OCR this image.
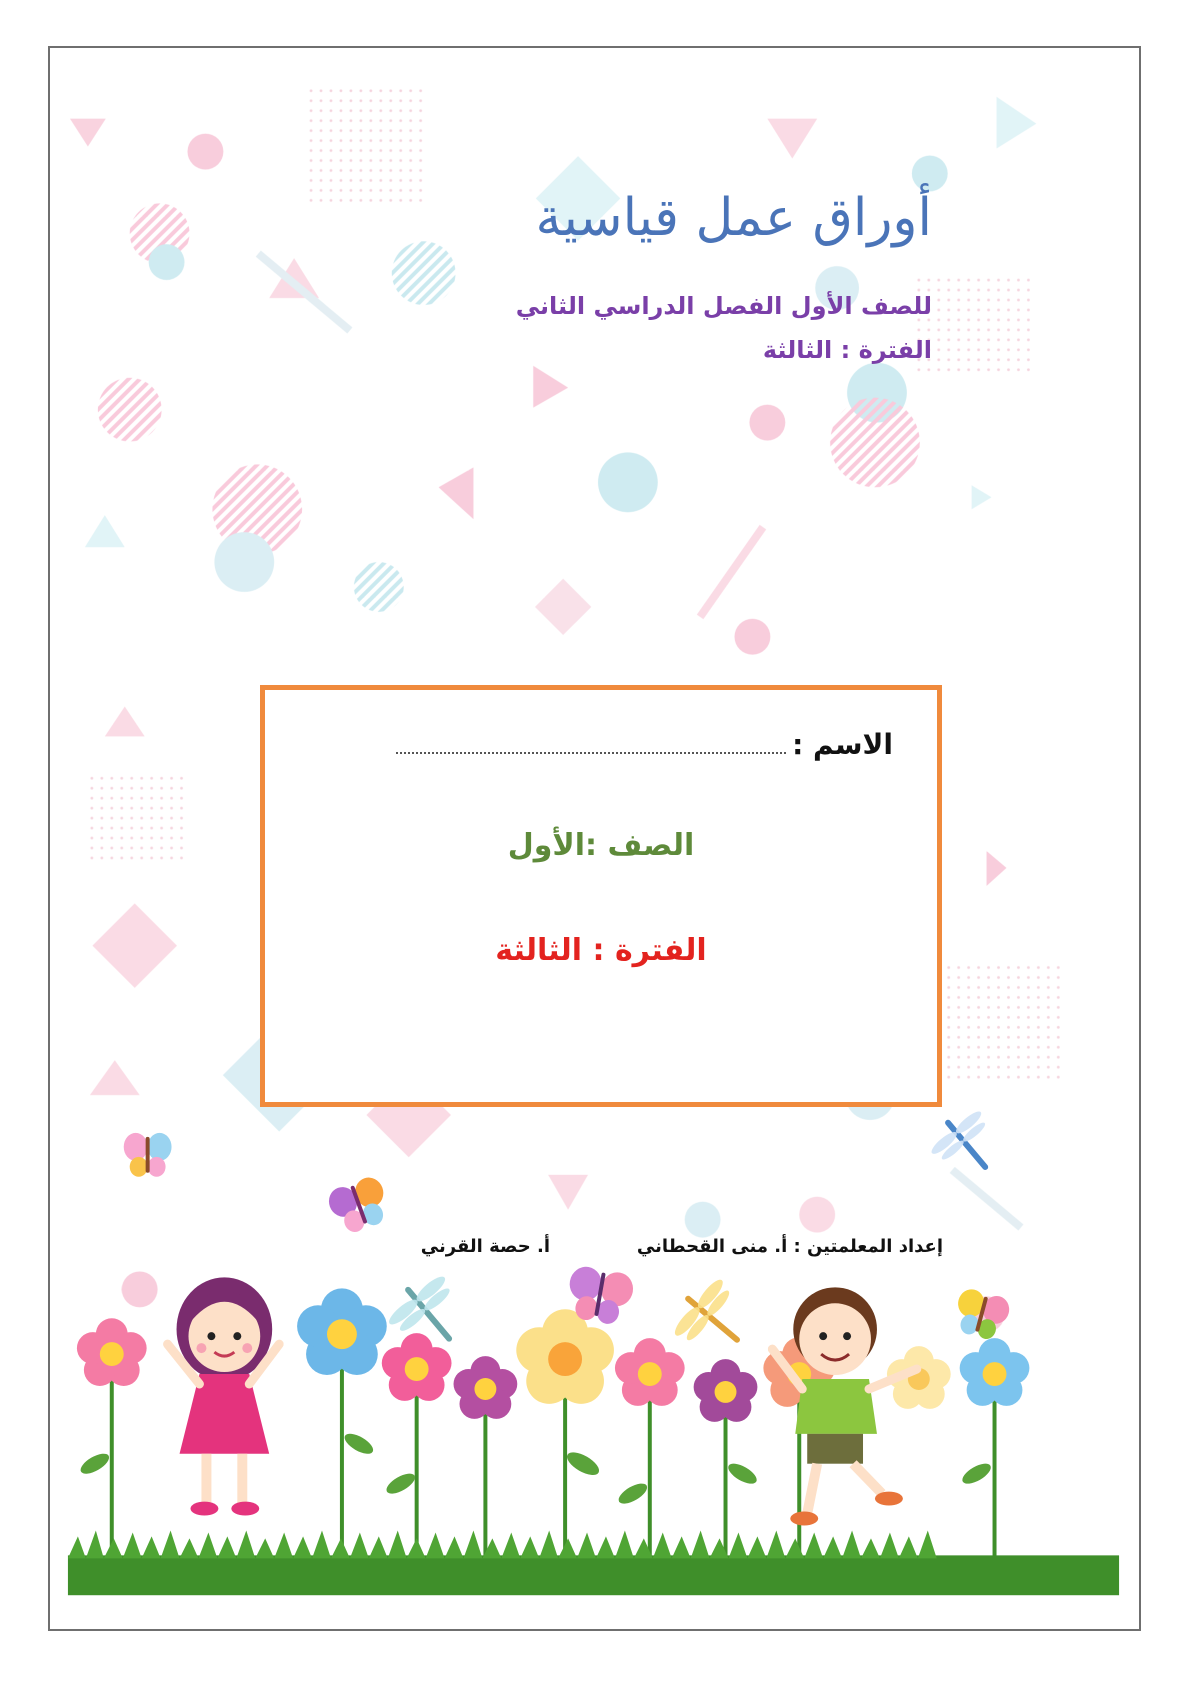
أوراق عمل قياسية
للصف الأول الفصل الدراسي الثاني
الفترة : الثالثة
الاسم :
الصف :الأول
الفترة : الثالثة
إعداد المعلمتين : أ. منى القحطاني
أ. حصة القرني
